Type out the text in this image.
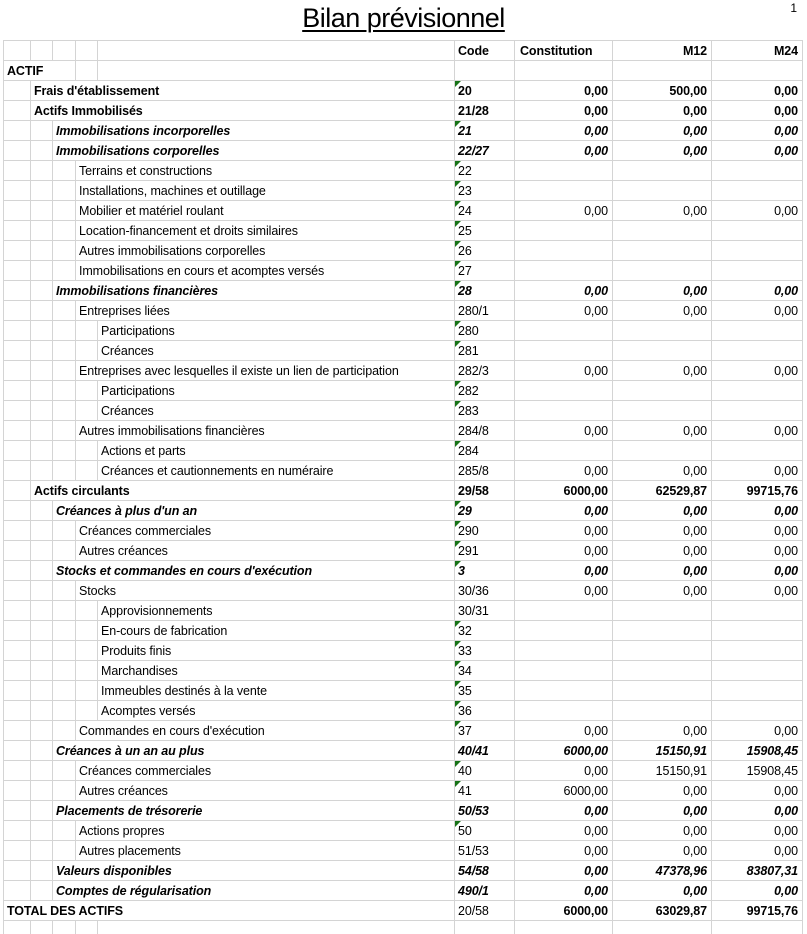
Bilan prévisionnel	1
Code	Constitution	M12	M24
ACTIF
Frais d'établissement	20	0,00	500,00	0,00
Actifs Immobilisés	21/28	0,00	0,00	0,00
Immobilisations incorporelles	21	0,00	0,00	0,00
Immobilisations corporelles	22/27	0,00	0,00	0,00
Terrains et constructions	22
Installations, machines et outillage	23
Mobilier et matériel roulant	24	0,00	0,00	0,00
Location-financement et droits similaires	25
Autres immobilisations corporelles	26
Immobilisations en cours et acomptes versés	27
Immobilisations financières	28	0,00	0,00	0,00
Entreprises liées	280/1	0,00	0,00	0,00
Participations	280
Créances	281
Entreprises avec lesquelles il existe un lien de participation	282/3	0,00	0,00	0,00
Participations	282
Créances	283
Autres immobilisations financières	284/8	0,00	0,00	0,00
Actions et parts	284
Créances et cautionnements en numéraire	285/8	0,00	0,00	0,00
Actifs circulants	29/58	6000,00	62529,87	99715,76
Créances à plus d'un an	29	0,00	0,00	0,00
Créances commerciales	290	0,00	0,00	0,00
Autres créances	291	0,00	0,00	0,00
Stocks et commandes en cours d'exécution	3	0,00	0,00	0,00
Stocks	30/36	0,00	0,00	0,00
Approvisionnements	30/31
En-cours de fabrication	32
Produits finis	33
Marchandises	34
Immeubles destinés à la vente	35
Acomptes versés	36
Commandes en cours d'exécution	37	0,00	0,00	0,00
Créances à un an au plus	40/41	6000,00	15150,91	15908,45
Créances commerciales	40	0,00	15150,91	15908,45
Autres créances	41	6000,00	0,00	0,00
Placements de trésorerie	50/53	0,00	0,00	0,00
Actions propres	50	0,00	0,00	0,00
Autres placements	51/53	0,00	0,00	0,00
Valeurs disponibles	54/58	0,00	47378,96	83807,31
Comptes de régularisation	490/1	0,00	0,00	0,00
TOTAL DES ACTIFS	20/58	6000,00	63029,87	99715,76
